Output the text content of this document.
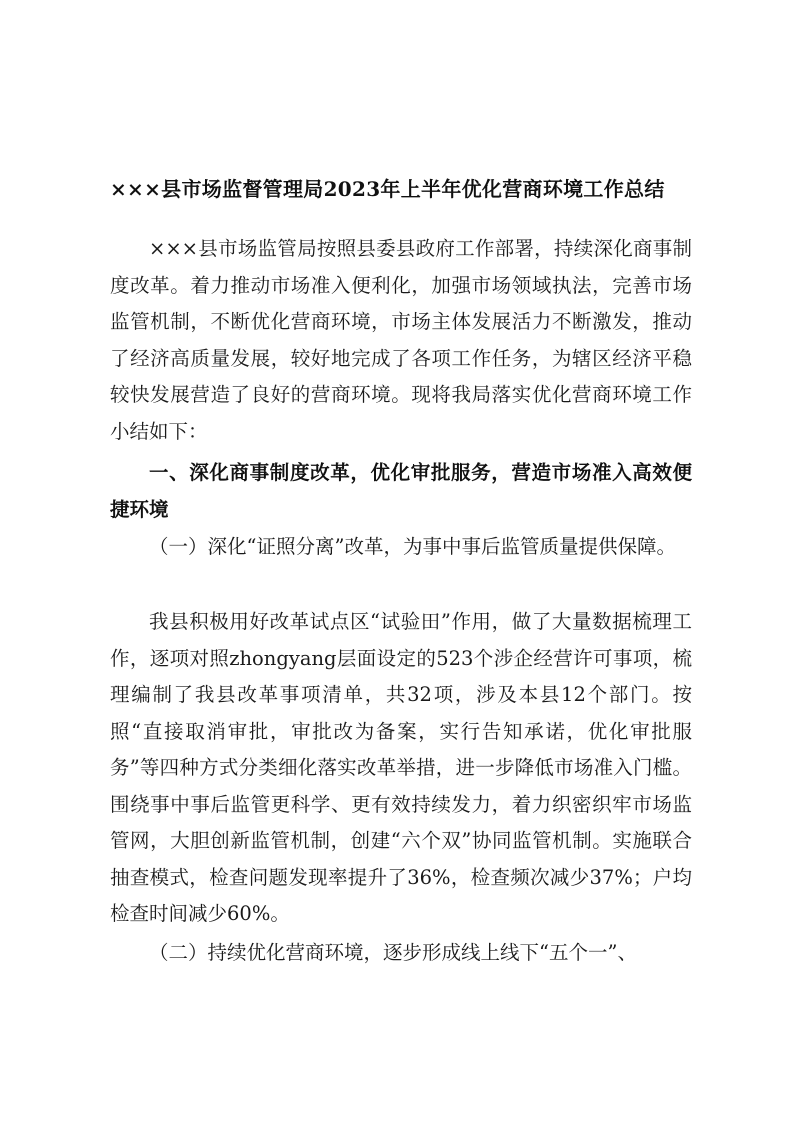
×××县市场监督管理局2023年上半年优化营商环境工作总结

×××县市场监管局按照县委县政府工作部署，持续深化商事制度改革。着力推动市场准入便利化，加强市场领域执法，完善市场监管机制，不断优化营商环境，市场主体发展活力不断激发，推动了经济高质量发展，较好地完成了各项工作任务，为辖区经济平稳较快发展营造了良好的营商环境。现将我局落实优化营商环境工作小结如下：

一、深化商事制度改革，优化审批服务，营造市场准入高效便捷环境

（一）深化“证照分离”改革，为事中事后监管质量提供保障。

我县积极用好改革试点区“试验田”作用，做了大量数据梳理工作，逐项对照zhongyang层面设定的523个涉企经营许可事项，梳理编制了我县改革事项清单，共32项，涉及本县12个部门。按照“直接取消审批，审批改为备案，实行告知承诺，优化审批服务”等四种方式分类细化落实改革举措，进一步降低市场准入门槛。围绕事中事后监管更科学、更有效持续发力，着力织密织牢市场监管网，大胆创新监管机制，创建“六个双”协同监管机制。实施联合抽查模式，检查问题发现率提升了36%，检查频次减少37%；户均检查时间减少60%。

（二）持续优化营商环境，逐步形成线上线下“五个一”、
